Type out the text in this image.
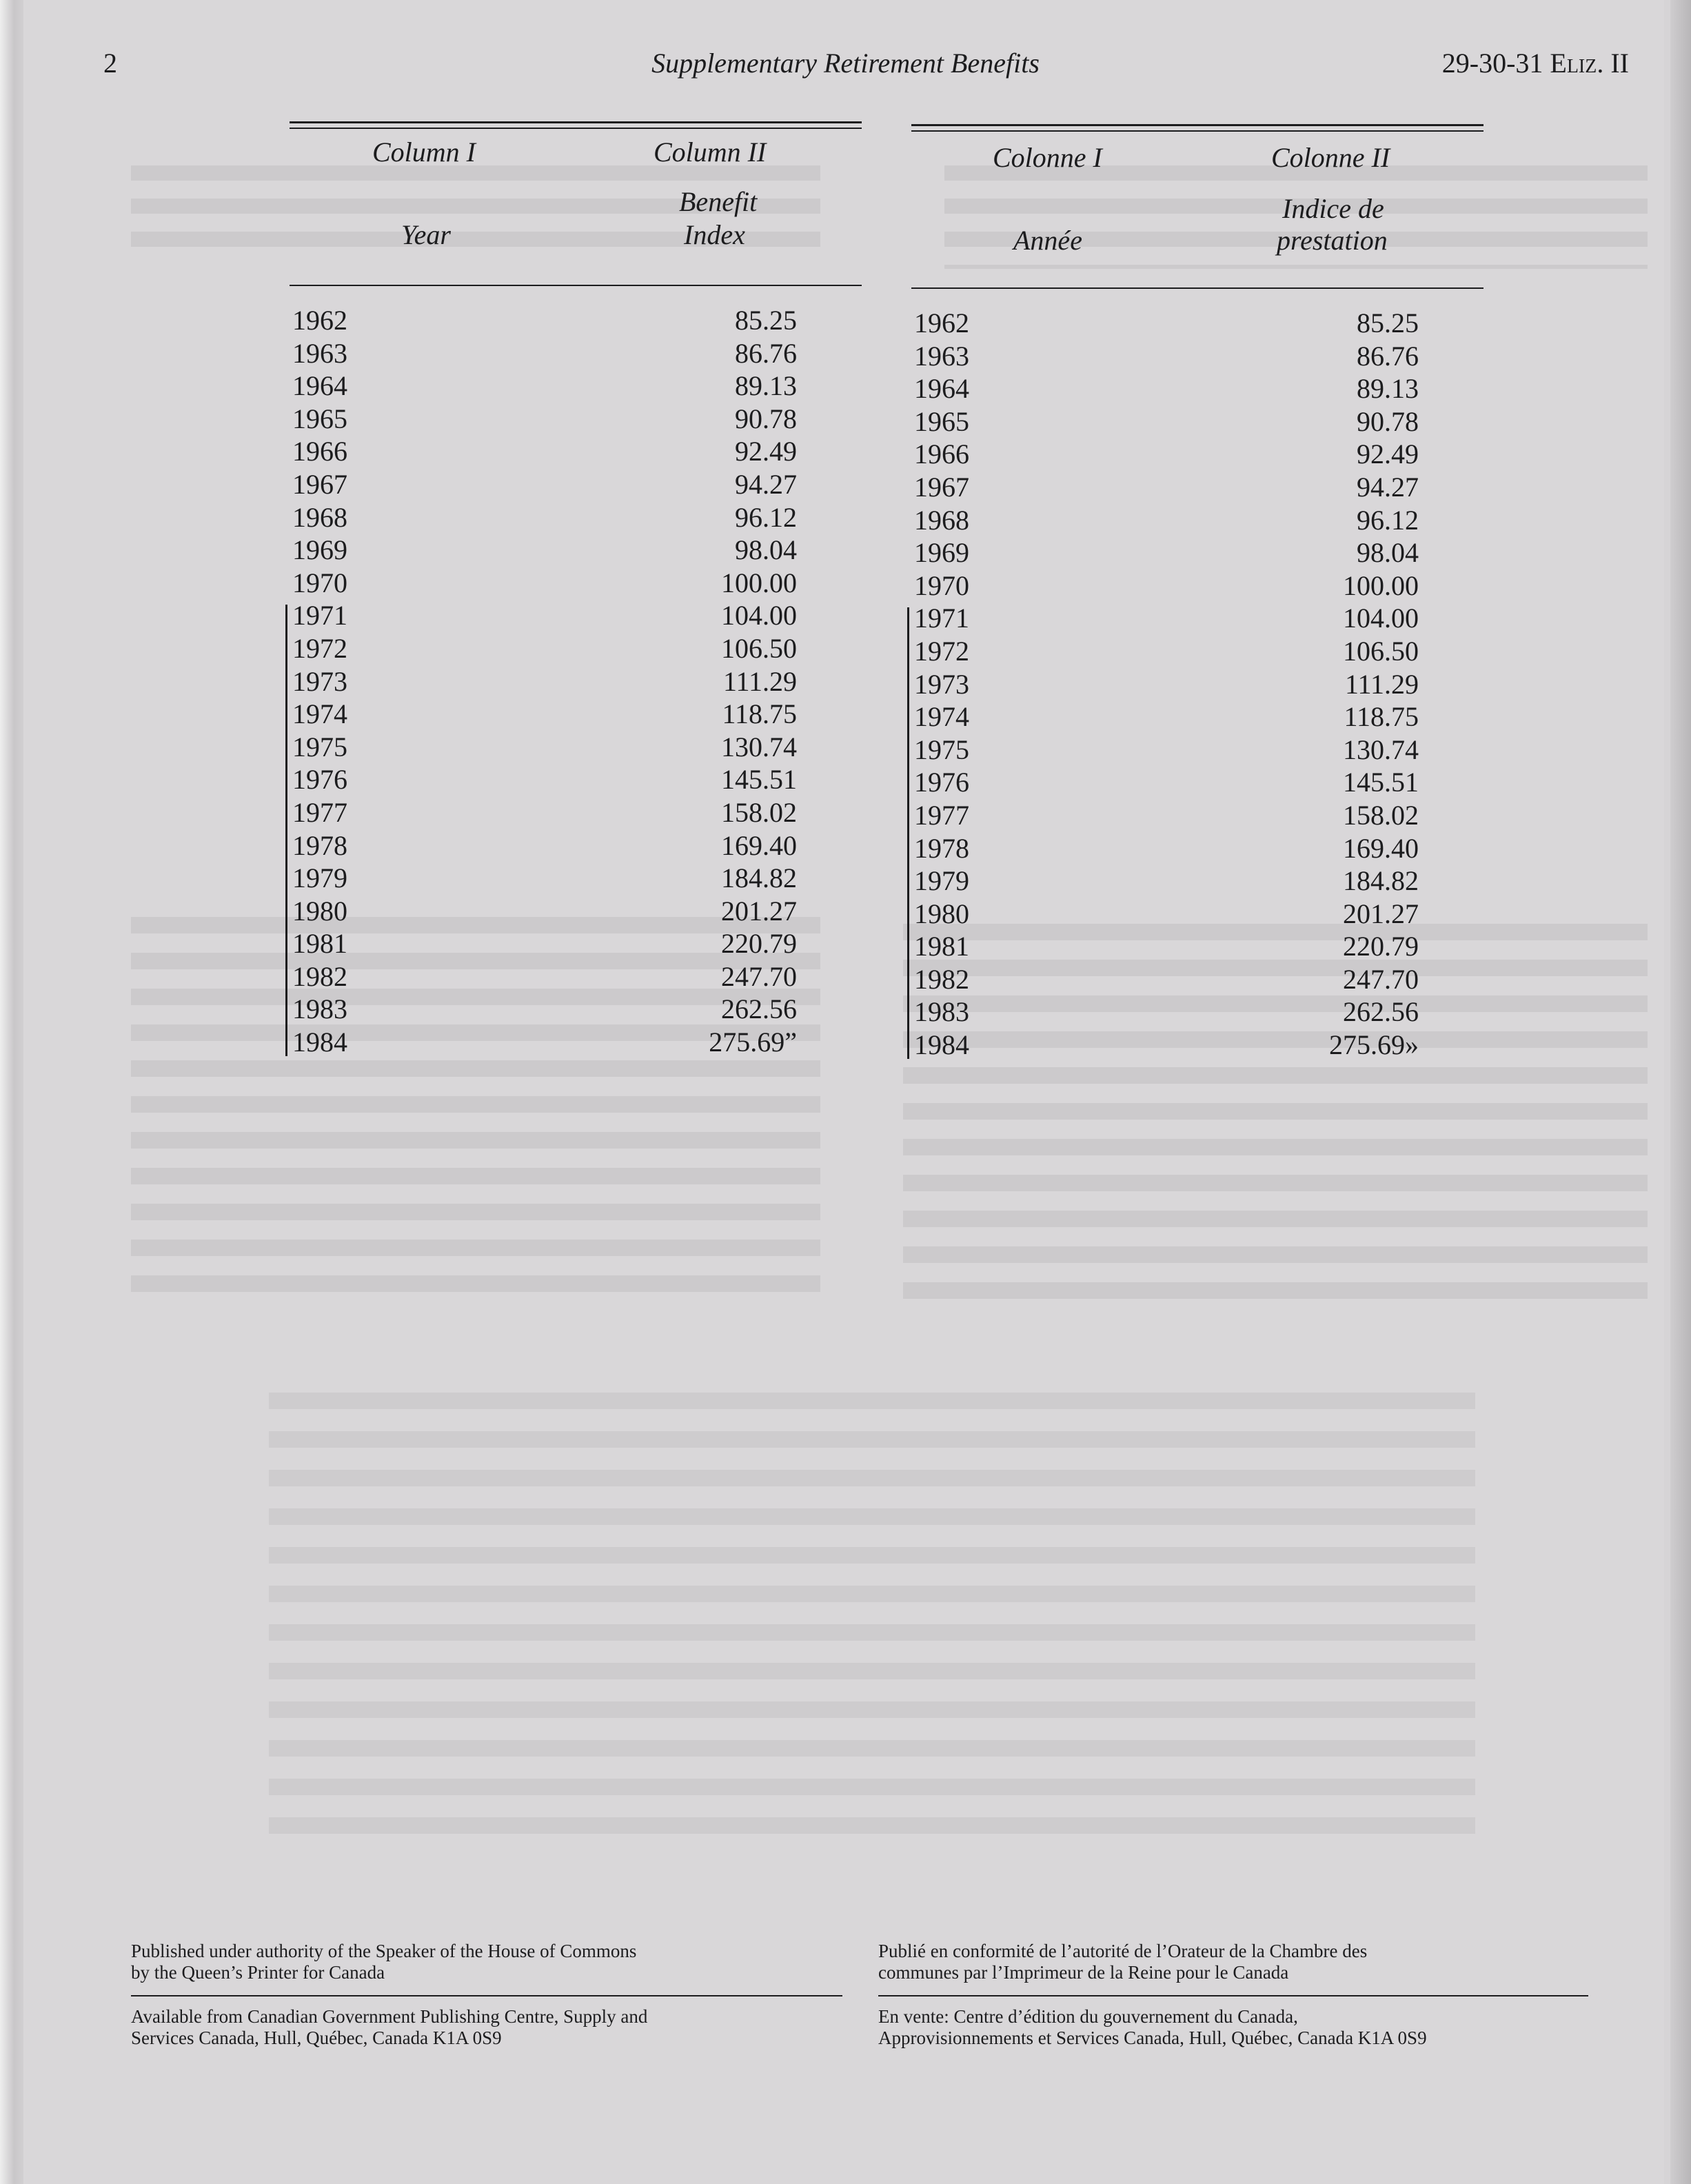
2	Supplementary Retirement Benefits	29-30-31 Eliz. II
Column I	Column II
Benefit
Year	Index
1962	85.25
1963	86.76
1964	89.13
1965	90.78
1966	92.49
1967	94.27
1968	96.12
1969	98.04
1970	100.00
1971	104.00
1972	106.50
1973	111.29
1974	118.75
1975	130.74
1976	145.51
1977	158.02
1978	169.40
1979	184.82
1980	201.27
1981	220.79
1982	247.70
1983	262.56
1984	275.69”
Colonne I	Colonne II
Indice de
Année	prestation
1962	85.25
1963	86.76
1964	89.13
1965	90.78
1966	92.49
1967	94.27
1968	96.12
1969	98.04
1970	100.00
1971	104.00
1972	106.50
1973	111.29
1974	118.75
1975	130.74
1976	145.51
1977	158.02
1978	169.40
1979	184.82
1980	201.27
1981	220.79
1982	247.70
1983	262.56
1984	275.69»
Published under authority of the Speaker of the House of Commons
by the Queen’s Printer for Canada
Available from Canadian Government Publishing Centre, Supply and
Services Canada, Hull, Québec, Canada K1A 0S9
Publié en conformité de l’autorité de l’Orateur de la Chambre des
communes par l’Imprimeur de la Reine pour le Canada
En vente: Centre d’édition du gouvernement du Canada,
Approvisionnements et Services Canada, Hull, Québec, Canada K1A 0S9
